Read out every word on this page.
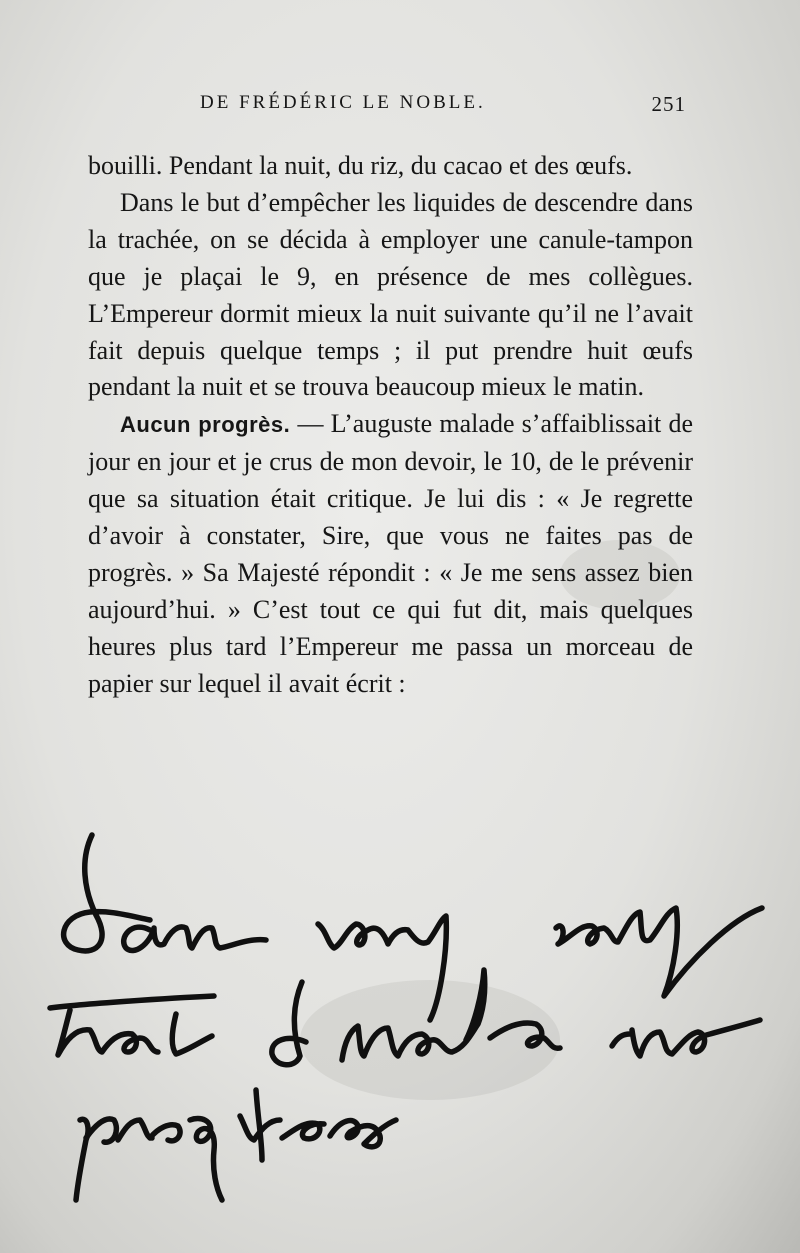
DE FRÉDÉRIC LE NOBLE.	251

bouilli. Pendant la nuit, du riz, du cacao et des œufs.

Dans le but d’empêcher les liquides de descendre dans la trachée, on se décida à employer une canule-tampon que je plaçai le 9, en présence de mes collègues. L’Empereur dormit mieux la nuit suivante qu’il ne l’avait fait depuis quelque temps ; il put prendre huit œufs pendant la nuit et se trouva beaucoup mieux le matin.

Aucun progrès. — L’auguste malade s’affaiblissait de jour en jour et je crus de mon devoir, le 10, de le prévenir que sa situation était critique. Je lui dis : « Je regrette d’avoir à constater, Sire, que vous ne faites pas de progrès. » Sa Majesté répondit : « Je me sens assez bien aujourd’hui. » C’est tout ce qui fut dit, mais quelques heures plus tard l’Empereur me passa un morceau de papier sur lequel il avait écrit :
